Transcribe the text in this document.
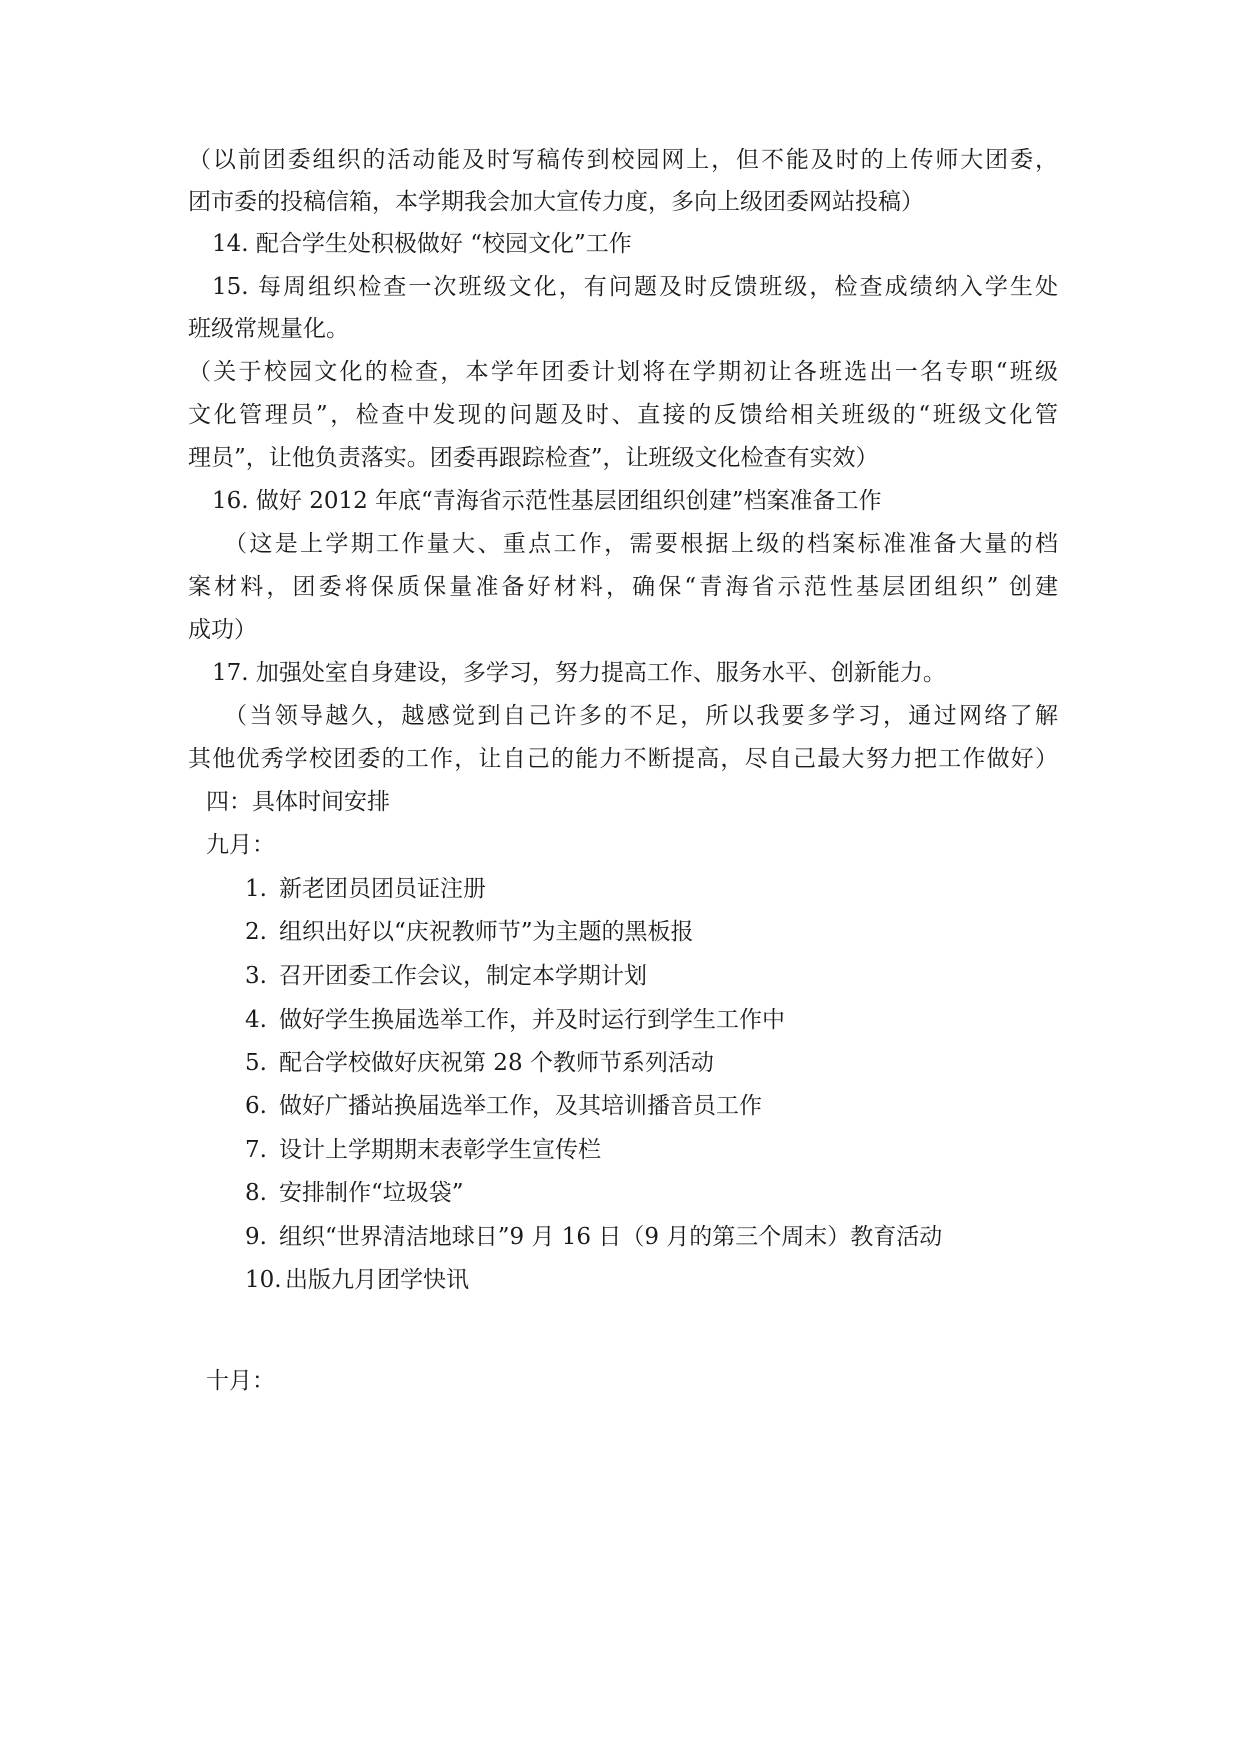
（以前团委组织的活动能及时写稿传到校园网上，但不能及时的上传师大团委，
团市委的投稿信箱，本学期我会加大宣传力度，多向上级团委网站投稿）
14. 配合学生处积极做好 “校园文化”工作
15. 每周组织检查一次班级文化，有问题及时反馈班级，检查成绩纳入学生处
班级常规量化。
（关于校园文化的检查，本学年团委计划将在学期初让各班选出一名专职“班级
文化管理员”，检查中发现的问题及时、直接的反馈给相关班级的“班级文化管
理员”，让他负责落实。团委再跟踪检查”，让班级文化检查有实效）
16. 做好 2012 年底“青海省示范性基层团组织创建”档案准备工作
（这是上学期工作量大、重点工作，需要根据上级的档案标准准备大量的档
案材料，团委将保质保量准备好材料，确保“青海省示范性基层团组织” 创建
成功）
17. 加强处室自身建设，多学习，努力提高工作、服务水平、创新能力。
（当领导越久，越感觉到自己许多的不足，所以我要多学习，通过网络了解
其他优秀学校团委的工作，让自己的能力不断提高，尽自己最大努力把工作做好）
四：具体时间安排
九月：
1. 新老团员团员证注册
2. 组织出好以“庆祝教师节”为主题的黑板报
3. 召开团委工作会议，制定本学期计划
4. 做好学生换届选举工作，并及时运行到学生工作中
5. 配合学校做好庆祝第 28 个教师节系列活动
6. 做好广播站换届选举工作，及其培训播音员工作
7. 设计上学期期末表彰学生宣传栏
8. 安排制作“垃圾袋”
9. 组织“世界清洁地球日”9 月 16 日（9 月的第三个周末）教育活动
10. 出版九月团学快讯
十月：
